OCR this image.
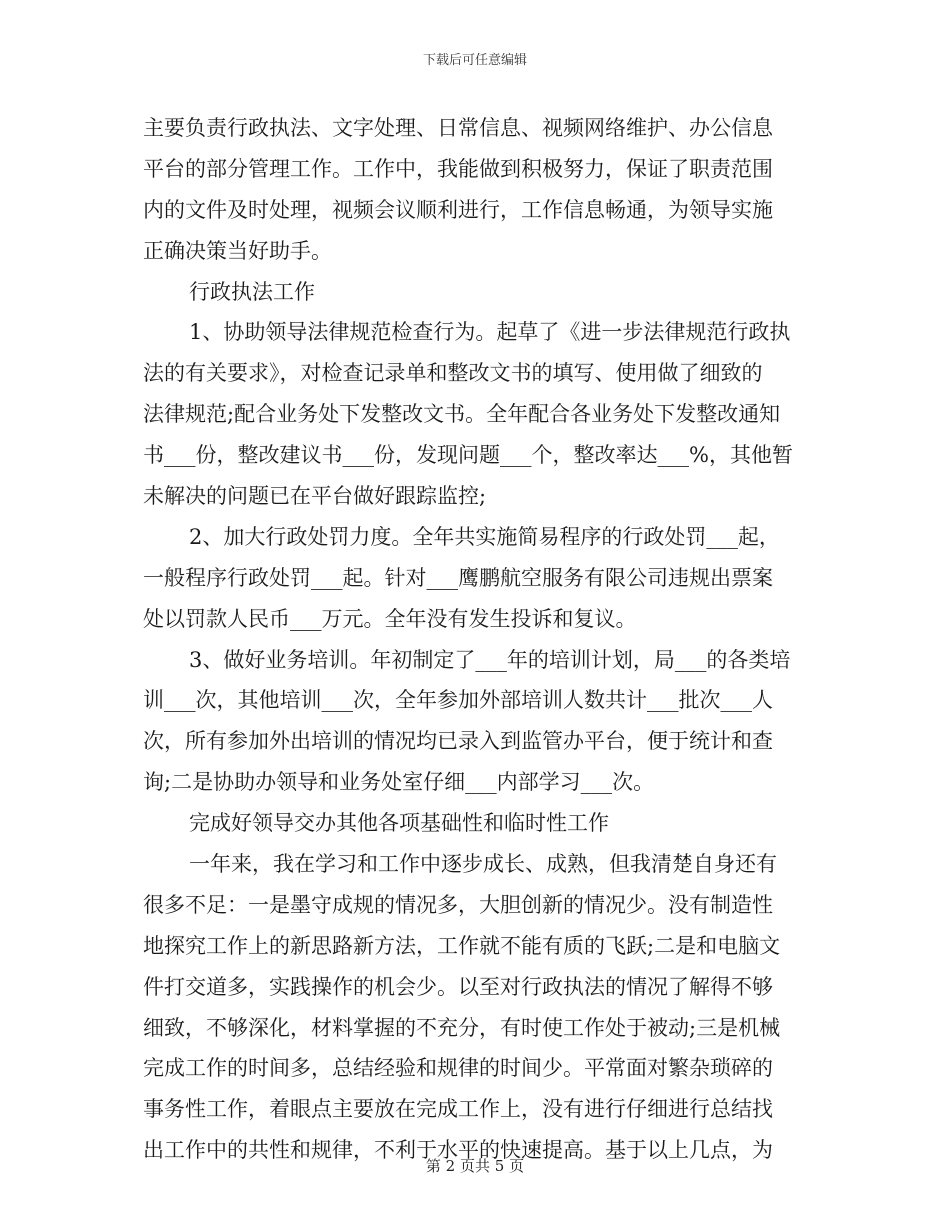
下载后可任意编辑
主要负责行政执法、文字处理、日常信息、视频网络维护、办公信息
平台的部分管理工作。工作中，我能做到积极努力，保证了职责范围
内的文件及时处理，视频会议顺利进行，工作信息畅通，为领导实施
正确决策当好助手。
行政执法工作
1、协助领导法律规范检查行为。起草了《进一步法律规范行政执
法的有关要求》，对检查记录单和整改文书的填写、使用做了细致的
法律规范;配合业务处下发整改文书。全年配合各业务处下发整改通知
书___份，整改建议书___份，发现问题___个，整改率达___%，其他暂
未解决的问题已在平台做好跟踪监控;
2、加大行政处罚力度。全年共实施简易程序的行政处罚___起，
一般程序行政处罚___起。针对___鹰鹏航空服务有限公司违规出票案
处以罚款人民币___万元。全年没有发生投诉和复议。
3、做好业务培训。年初制定了___年的培训计划，局___的各类培
训___次，其他培训___次，全年参加外部培训人数共计___批次___人
次，所有参加外出培训的情况均已录入到监管办平台，便于统计和查
询;二是协助办领导和业务处室仔细___内部学习___次。
完成好领导交办其他各项基础性和临时性工作
一年来，我在学习和工作中逐步成长、成熟，但我清楚自身还有
很多不足：一是墨守成规的情况多，大胆创新的情况少。没有制造性
地探究工作上的新思路新方法，工作就不能有质的飞跃;二是和电脑文
件打交道多，实践操作的机会少。以至对行政执法的情况了解得不够
细致，不够深化，材料掌握的不充分，有时使工作处于被动;三是机械
完成工作的时间多，总结经验和规律的时间少。平常面对繁杂琐碎的
事务性工作，着眼点主要放在完成工作上，没有进行仔细进行总结找
出工作中的共性和规律，不利于水平的快速提高。基于以上几点，为
第 2 页共 5 页
